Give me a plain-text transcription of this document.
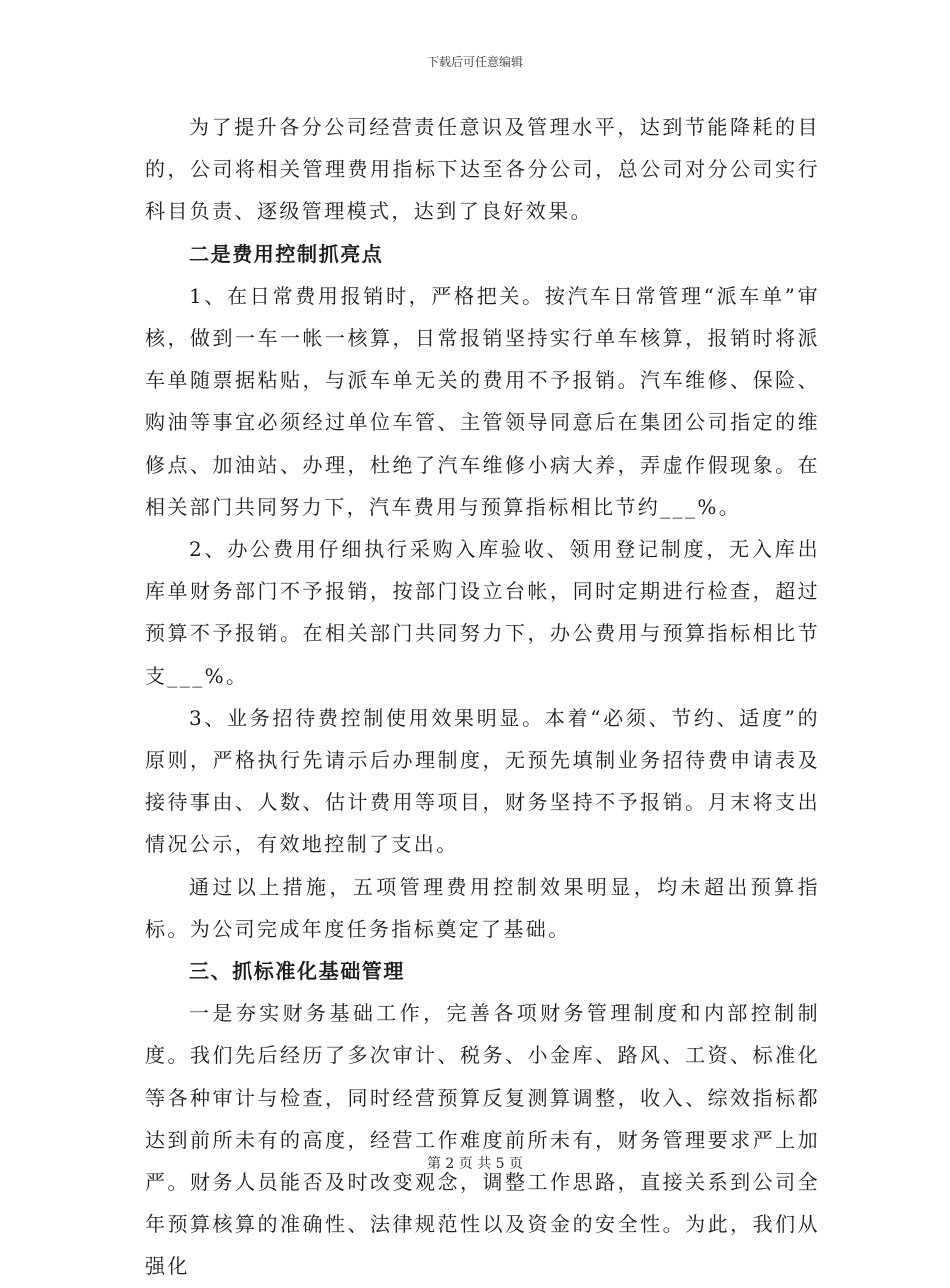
下载后可任意编辑

为了提升各分公司经营责任意识及管理水平，达到节能降耗的目的，公司将相关管理费用指标下达至各分公司，总公司对分公司实行科目负责、逐级管理模式，达到了良好效果。

二是费用控制抓亮点

1、在日常费用报销时，严格把关。按汽车日常管理“派车单”审核，做到一车一帐一核算，日常报销坚持实行单车核算，报销时将派车单随票据粘贴，与派车单无关的费用不予报销。汽车维修、保险、购油等事宜必须经过单位车管、主管领导同意后在集团公司指定的维修点、加油站、办理，杜绝了汽车维修小病大养，弄虚作假现象。在相关部门共同努力下，汽车费用与预算指标相比节约___%。

2、办公费用仔细执行采购入库验收、领用登记制度，无入库出库单财务部门不予报销，按部门设立台帐，同时定期进行检查，超过预算不予报销。在相关部门共同努力下，办公费用与预算指标相比节支___%。

3、业务招待费控制使用效果明显。本着“必须、节约、适度”的原则，严格执行先请示后办理制度，无预先填制业务招待费申请表及接待事由、人数、估计费用等项目，财务坚持不予报销。月末将支出情况公示，有效地控制了支出。

通过以上措施，五项管理费用控制效果明显，均未超出预算指标。为公司完成年度任务指标奠定了基础。

三、抓标准化基础管理

一是夯实财务基础工作，完善各项财务管理制度和内部控制制度。我们先后经历了多次审计、税务、小金库、路风、工资、标准化等各种审计与检查，同时经营预算反复测算调整，收入、综效指标都达到前所未有的高度，经营工作难度前所未有，财务管理要求严上加严。财务人员能否及时改变观念，调整工作思路，直接关系到公司全年预算核算的准确性、法律规范性以及资金的安全性。为此，我们从强化

第 2 页 共 5 页
